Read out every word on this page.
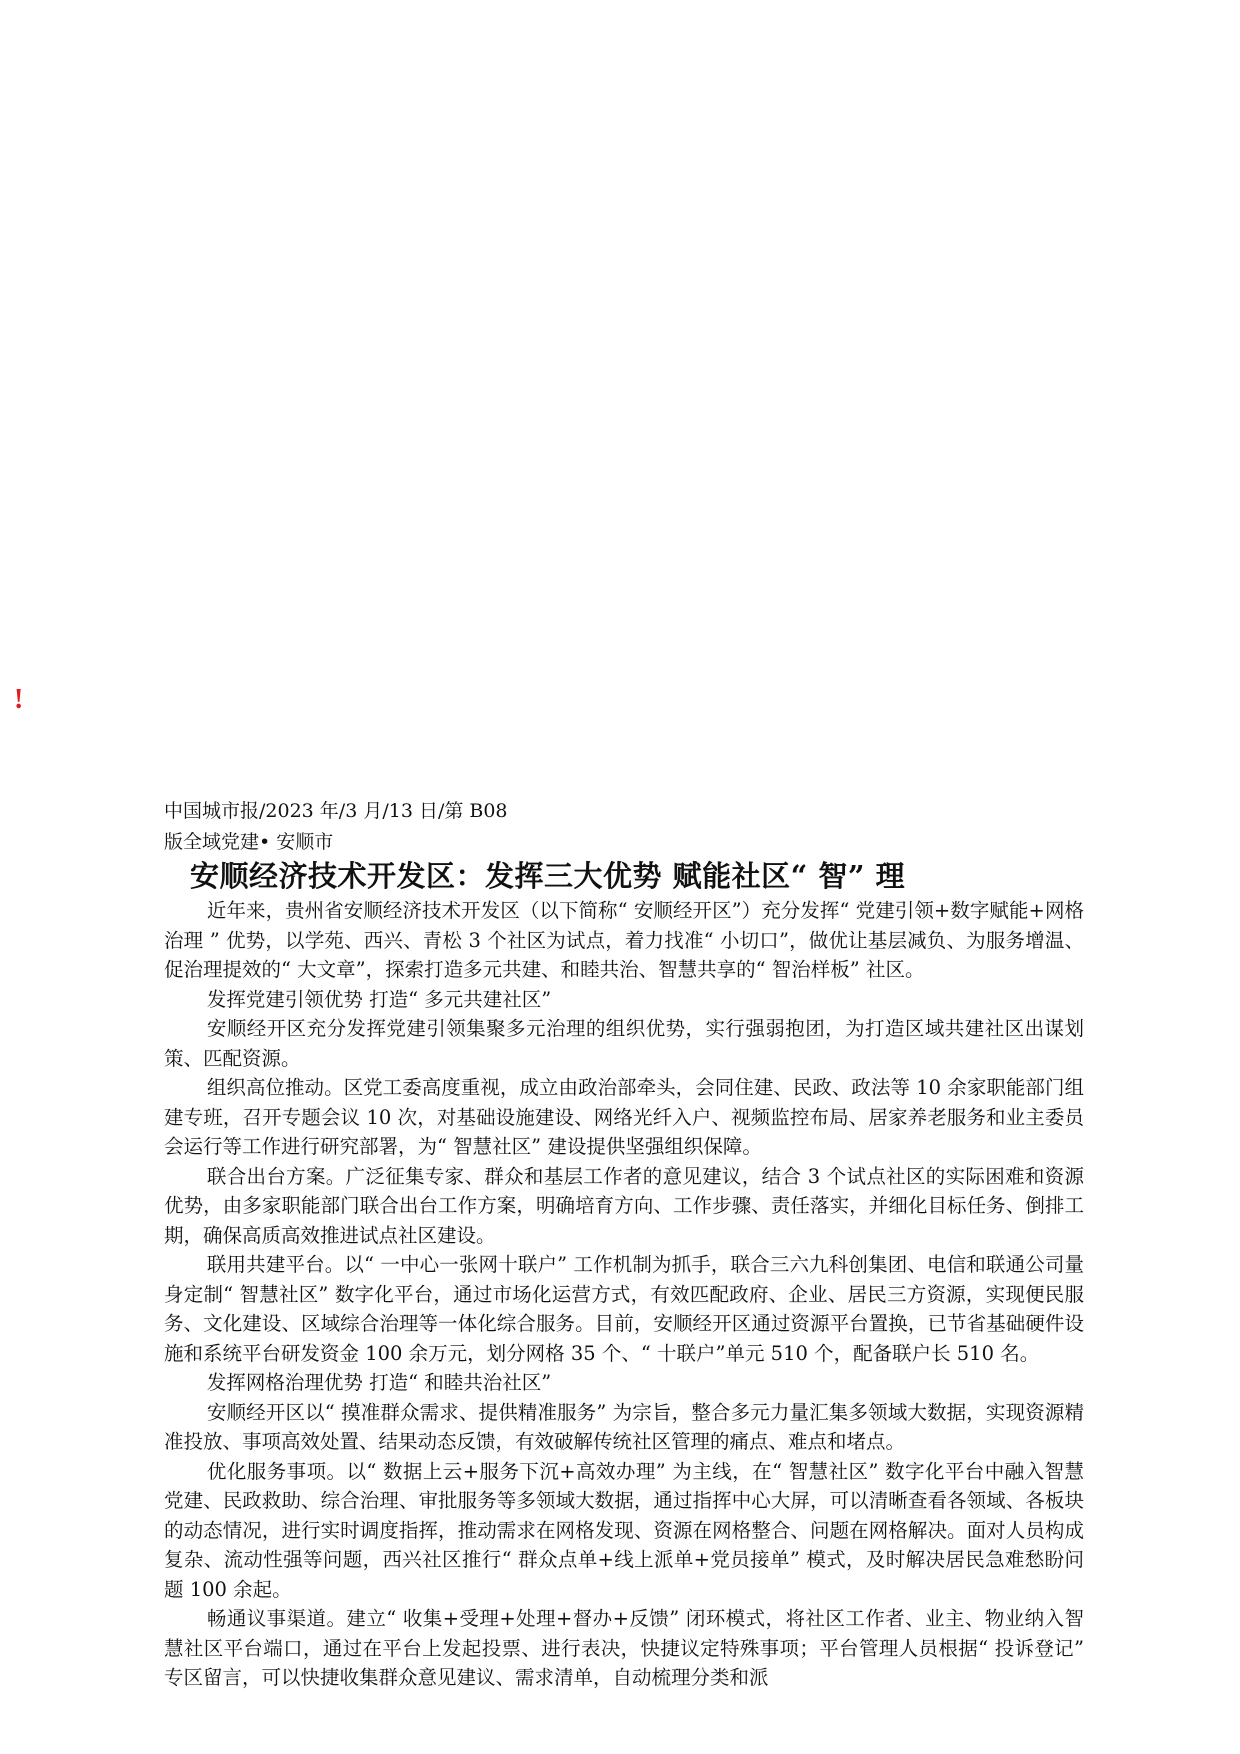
!
中国城市报/2023 年/3 月/13 日/第 B08
版全域党建• 安顺市
安顺经济技术开发区：发挥三大优势 赋能社区“ 智” 理

近年来，贵州省安顺经济技术开发区（以下简称“ 安顺经开区”）充分发挥“ 党建引领+数字赋能+网格治理 ” 优势，以学苑、西兴、青松 3 个社区为试点，着力找准“ 小切口”，做优让基层减负、为服务增温、促治理提效的“ 大文章”，探索打造多元共建、和睦共治、智慧共享的“ 智治样板” 社区。

发挥党建引领优势 打造“ 多元共建社区”

安顺经开区充分发挥党建引领集聚多元治理的组织优势，实行强弱抱团，为打造区域共建社区出谋划策、匹配资源。

组织高位推动。区党工委高度重视，成立由政治部牵头，会同住建、民政、政法等 10 余家职能部门组建专班，召开专题会议 10 次，对基础设施建设、网络光纤入户、视频监控布局、居家养老服务和业主委员会运行等工作进行研究部署，为“ 智慧社区” 建设提供坚强组织保障。

联合出台方案。广泛征集专家、群众和基层工作者的意见建议，结合 3 个试点社区的实际困难和资源优势，由多家职能部门联合出台工作方案，明确培育方向、工作步骤、责任落实，并细化目标任务、倒排工期，确保高质高效推进试点社区建设。

联用共建平台。以“ 一中心一张网十联户” 工作机制为抓手，联合三六九科创集团、电信和联通公司量身定制“ 智慧社区” 数字化平台，通过市场化运营方式，有效匹配政府、企业、居民三方资源，实现便民服务、文化建设、区域综合治理等一体化综合服务。目前，安顺经开区通过资源平台置换，已节省基础硬件设施和系统平台研发资金 100 余万元，划分网格 35 个、“ 十联户”单元 510 个，配备联户长 510 名。

发挥网格治理优势 打造“ 和睦共治社区”

安顺经开区以“ 摸准群众需求、提供精准服务” 为宗旨，整合多元力量汇集多领域大数据，实现资源精准投放、事项高效处置、结果动态反馈，有效破解传统社区管理的痛点、难点和堵点。

优化服务事项。以“ 数据上云+服务下沉+高效办理” 为主线，在“ 智慧社区” 数字化平台中融入智慧党建、民政救助、综合治理、审批服务等多领域大数据，通过指挥中心大屏，可以清晰查看各领域、各板块的动态情况，进行实时调度指挥，推动需求在网格发现、资源在网格整合、问题在网格解决。面对人员构成复杂、流动性强等问题，西兴社区推行“ 群众点单+线上派单+党员接单” 模式，及时解决居民急难愁盼问题 100 余起。

畅通议事渠道。建立“ 收集+受理+处理+督办+反馈” 闭环模式，将社区工作者、业主、物业纳入智慧社区平台端口，通过在平台上发起投票、进行表决，快捷议定特殊事项；平台管理人员根据“ 投诉登记” 专区留言，可以快捷收集群众意见建议、需求清单，自动梳理分类和派
